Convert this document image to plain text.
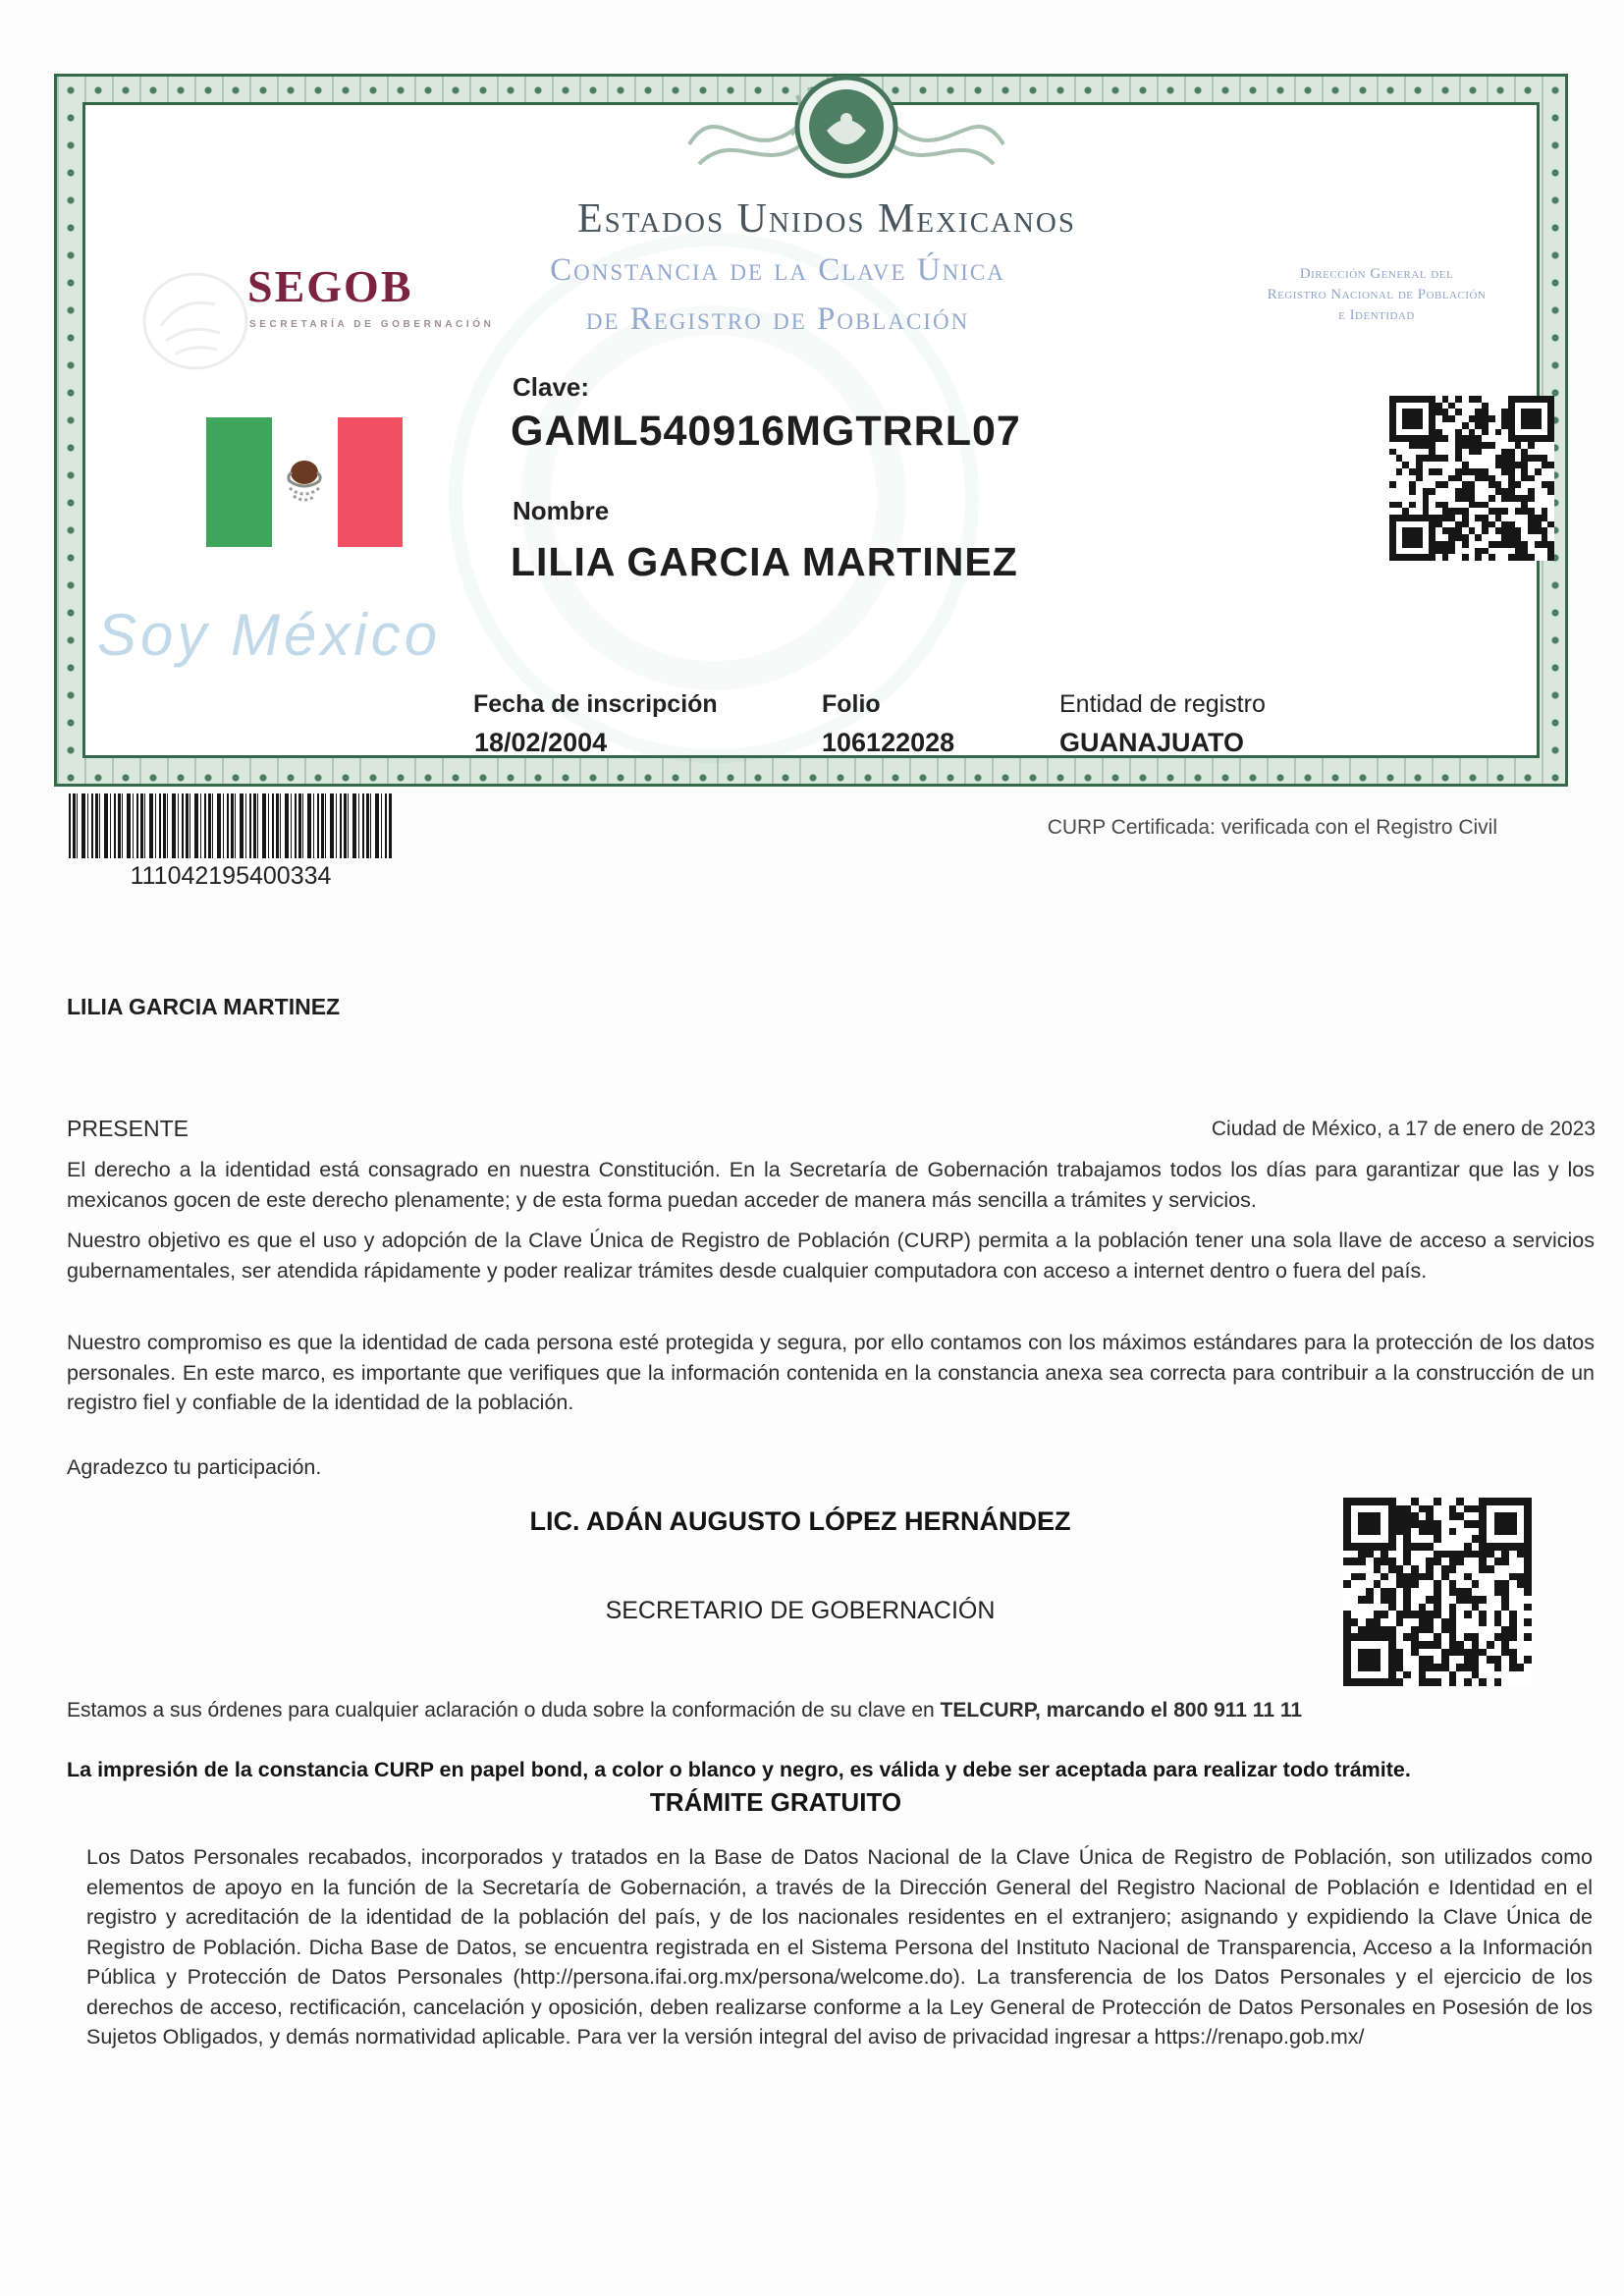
SEGOB
SECRETARÍA DE GOBERNACIÓN
Estados Unidos Mexicanos
Constancia de la Clave Única
de Registro de Población
Dirección General del
Registro Nacional de Población
e Identidad
Clave:
GAML540916MGTRRL07
Nombre
LILIA GARCIA MARTINEZ
Fecha de inscripción
18/02/2004
Folio
106122028
Entidad de registro
GUANAJUATO
Soy México
111042195400334
CURP Certificada: verificada con el Registro Civil
LILIA GARCIA MARTINEZ
PRESENTE	Ciudad de México, a 17 de enero de 2023

El derecho a la identidad está consagrado en nuestra Constitución. En la Secretaría de Gobernación trabajamos todos los días para garantizar que las y los mexicanos gocen de este derecho plenamente; y de esta forma puedan acceder de manera más sencilla a trámites y servicios.

Nuestro objetivo es que el uso y adopción de la Clave Única de Registro de Población (CURP) permita a la población tener una sola llave de acceso a servicios gubernamentales, ser atendida rápidamente y poder realizar trámites desde cualquier computadora con acceso a internet dentro o fuera del país.

Nuestro compromiso es que la identidad de cada persona esté protegida y segura, por ello contamos con los máximos estándares para la protección de los datos personales. En este marco, es importante que verifiques que la información contenida en la constancia anexa sea correcta para contribuir a la construcción de un registro fiel y confiable de la identidad de la población.

Agradezco tu participación.
LIC. ADÁN AUGUSTO LÓPEZ HERNÁNDEZ
SECRETARIO DE GOBERNACIÓN

Estamos a sus órdenes para cualquier aclaración o duda sobre la conformación de su clave en TELCURP, marcando el 800 911 11 11

La impresión de la constancia CURP en papel bond, a color o blanco y negro, es válida y debe ser aceptada para realizar todo trámite.
TRÁMITE GRATUITO

Los Datos Personales recabados, incorporados y tratados en la Base de Datos Nacional de la Clave Única de Registro de Población, son utilizados como elementos de apoyo en la función de la Secretaría de Gobernación, a través de la Dirección General del Registro Nacional de Población e Identidad en el registro y acreditación de la identidad de la población del país, y de los nacionales residentes en el extranjero; asignando y expidiendo la Clave Única de Registro de Población. Dicha Base de Datos, se encuentra registrada en el Sistema Persona del Instituto Nacional de Transparencia, Acceso a la Información Pública y Protección de Datos Personales (http://persona.ifai.org.mx/persona/welcome.do). La transferencia de los Datos Personales y el ejercicio de los derechos de acceso, rectificación, cancelación y oposición, deben realizarse conforme a la Ley General de Protección de Datos Personales en Posesión de los Sujetos Obligados, y demás normatividad aplicable. Para ver la versión integral del aviso de privacidad ingresar a https://renapo.gob.mx/
